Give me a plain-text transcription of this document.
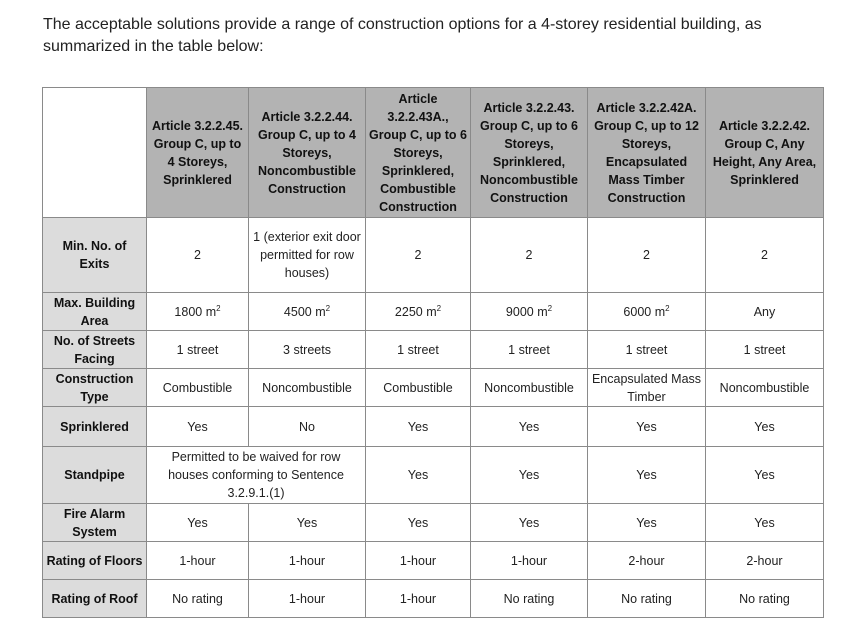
The acceptable solutions provide a range of construction options for a 4-storey residential building, as summarized in the table below:

	Article 3.2.2.45. Group C, up to 4 Storeys, Sprinklered	Article 3.2.2.44. Group C, up to 4 Storeys, Noncombustible Construction	Article 3.2.2.43A., Group C, up to 6 Storeys, Sprinklered, Combustible Construction	Article 3.2.2.43. Group C, up to 6 Storeys, Sprinklered, Noncombustible Construction	Article 3.2.2.42A. Group C, up to 12 Storeys, Encapsulated Mass Timber Construction	Article 3.2.2.42. Group C, Any Height, Any Area, Sprinklered
Min. No. of Exits	2	1 (exterior exit door permitted for row houses)	2	2	2	2
Max. Building Area	1800 $m^2$	4500 $m^2$	2250 $m^2$	9000 $m^2$	6000 $m^2$	Any
No. of Streets Facing	1 street	3 streets	1 street	1 street	1 street	1 street
Construction Type	Combustible	Noncombustible	Combustible	Noncombustible	Encapsulated Mass Timber	Noncombustible
Sprinklered	Yes	No	Yes	Yes	Yes	Yes
Standpipe	Permitted to be waived for row houses conforming to Sentence 3.2.9.1.(1)		Yes	Yes	Yes	Yes
Fire Alarm System	Yes	Yes	Yes	Yes	Yes	Yes
Rating of Floors	1-hour	1-hour	1-hour	1-hour	2-hour	2-hour
Rating of Roof	No rating	1-hour	1-hour	No rating	No rating	No rating
